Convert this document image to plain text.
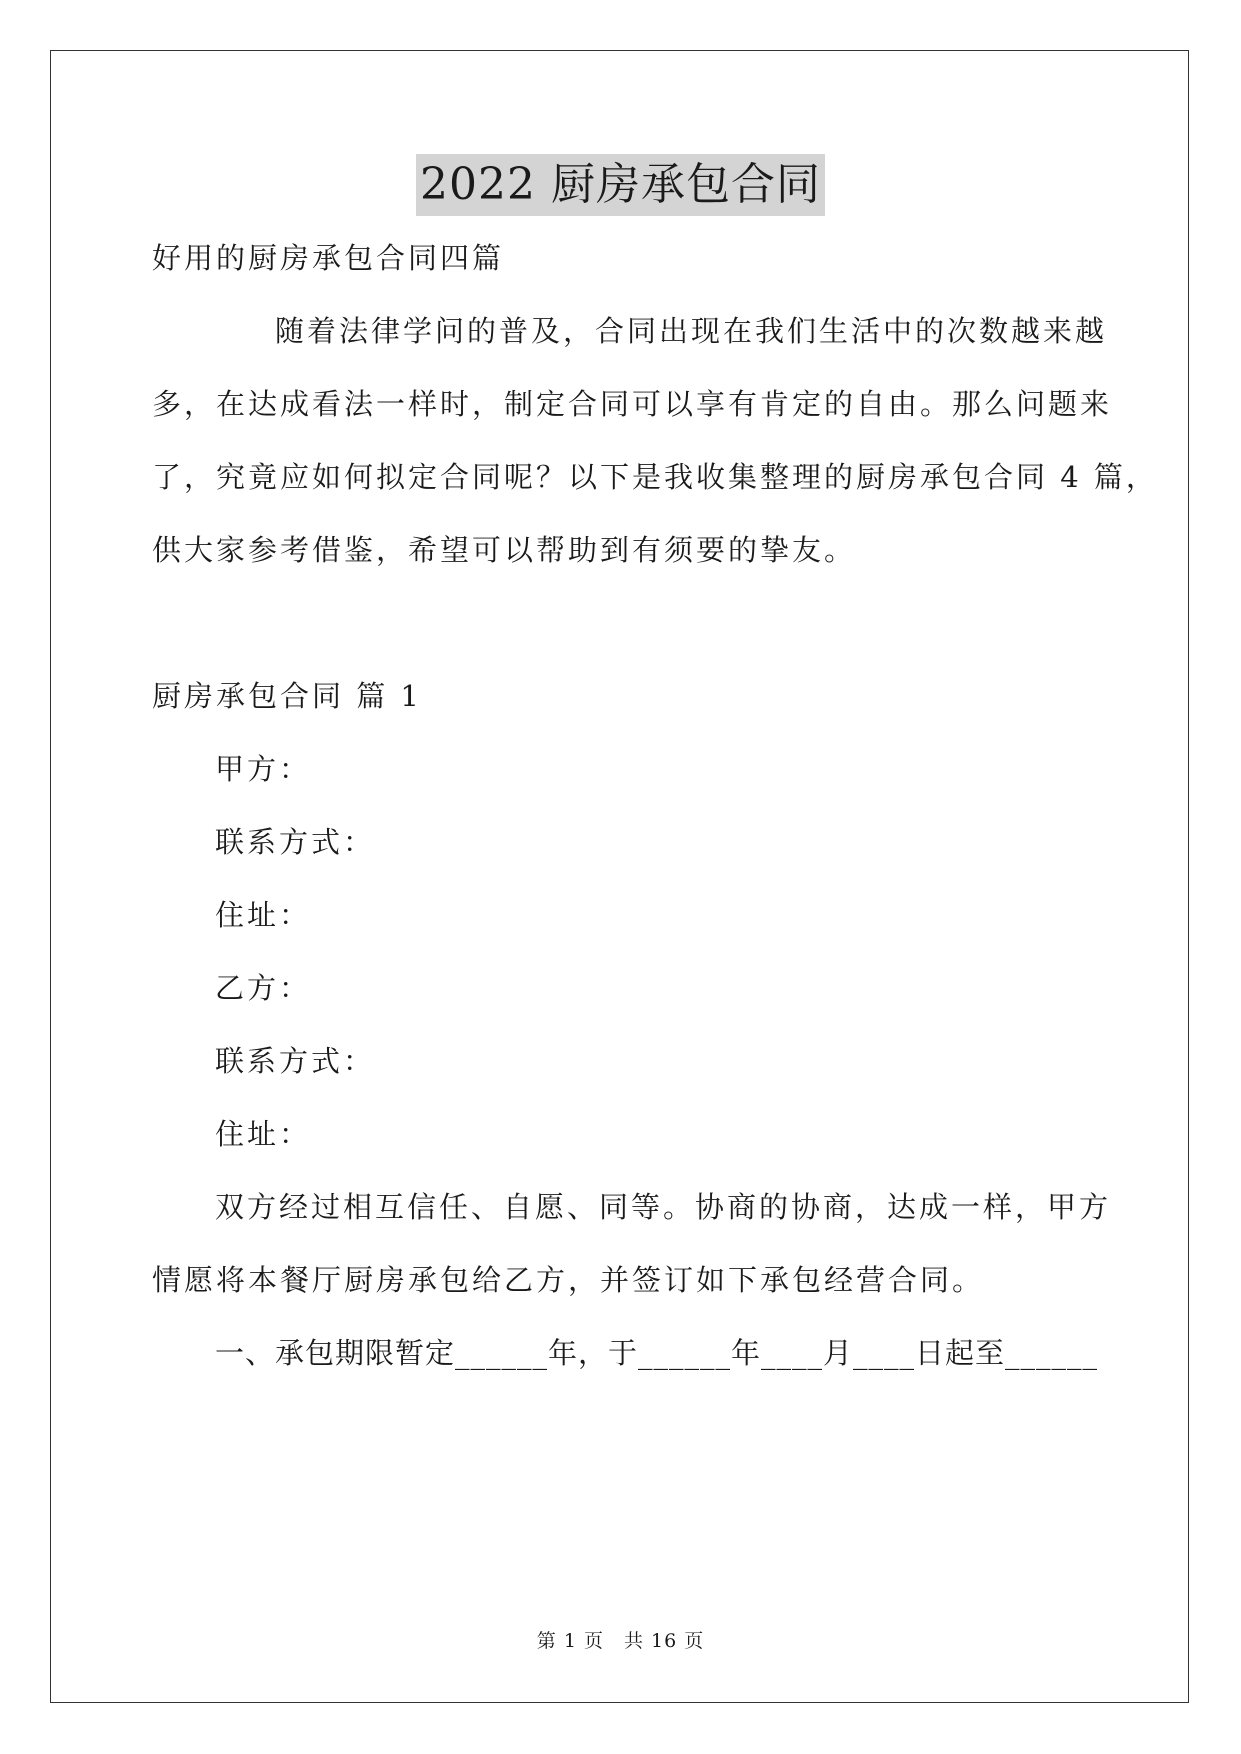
2022 厨房承包合同
好用的厨房承包合同四篇
随着法律学问的普及，合同出现在我们生活中的次数越来越
多，在达成看法一样时，制定合同可以享有肯定的自由。那么问题来
了，究竟应如何拟定合同呢？以下是我收集整理的厨房承包合同 4 篇，
供大家参考借鉴，希望可以帮助到有须要的挚友。
厨房承包合同 篇 1
甲方：
联系方式：
住址：
乙方：
联系方式：
住址：
双方经过相互信任、自愿、同等。协商的协商，达成一样，甲方
情愿将本餐厅厨房承包给乙方，并签订如下承包经营合同。
一、承包期限暂定______年，于______年____月____日起至______
第 1 页　共 16 页
